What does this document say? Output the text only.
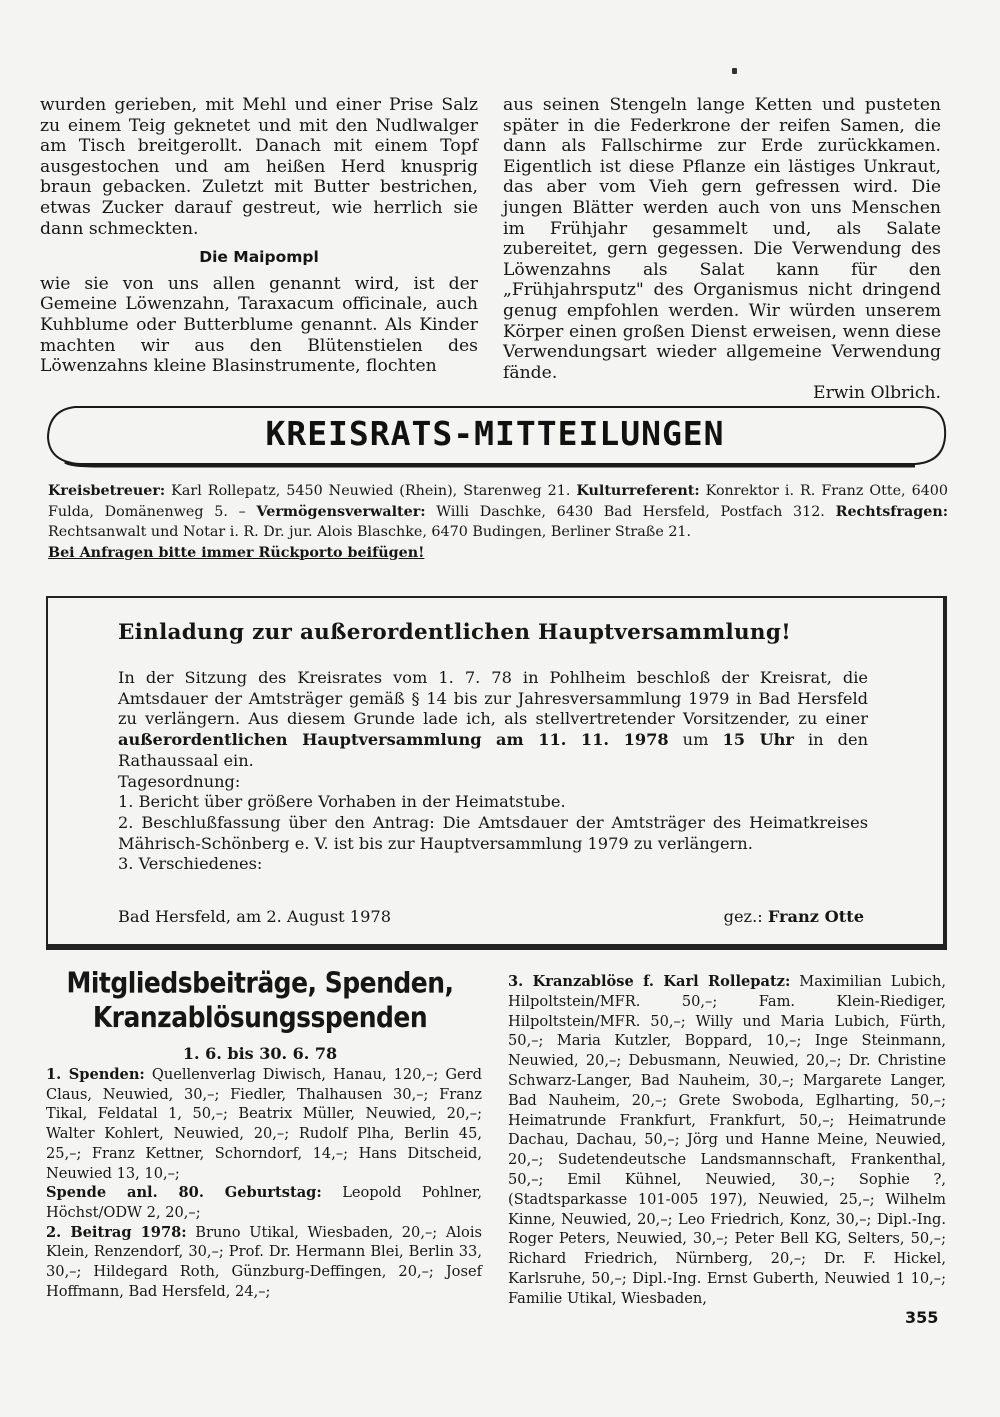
wurden gerieben, mit Mehl und einer Prise Salz zu einem Teig geknetet und mit den Nudlwalger am Tisch breitgerollt. Danach mit einem Topf ausgestochen und am heißen Herd knusprig braun gebacken. Zuletzt mit Butter bestrichen, etwas Zucker darauf gestreut, wie herrlich sie dann schmeckten.

Die Maipompl

wie sie von uns allen genannt wird, ist der Gemeine Löwenzahn, Taraxacum officinale, auch Kuhblume oder Butterblume genannt. Als Kinder machten wir aus den Blütenstielen des Löwenzahns kleine Blasinstrumente, flochten

aus seinen Stengeln lange Ketten und pusteten später in die Federkrone der reifen Samen, die dann als Fallschirme zur Erde zurückkamen. Eigentlich ist diese Pflanze ein lästiges Unkraut, das aber vom Vieh gern gefressen wird. Die jungen Blätter werden auch von uns Menschen im Frühjahr gesammelt und, als Salate zubereitet, gern gegessen. Die Verwendung des Löwenzahns als Salat kann für den „Frühjahrsputz" des Organismus nicht dringend genug empfohlen werden. Wir würden unserem Körper einen großen Dienst erweisen, wenn diese Verwendungsart wieder allgemeine Verwendung fände.

Erwin Olbrich.

KREISRATS-MITTEILUNGEN

Kreisbetreuer: Karl Rollepatz, 5450 Neuwied (Rhein), Starenweg 21. Kulturreferent: Konrektor i. R. Franz Otte, 6400 Fulda, Domänenweg 5. – Vermögensverwalter: Willi Daschke, 6430 Bad Hersfeld, Postfach 312. Rechtsfragen: Rechtsanwalt und Notar i. R. Dr. jur. Alois Blaschke, 6470 Budingen, Berliner Straße 21.

Bei Anfragen bitte immer Rückporto beifügen!

Einladung zur außerordentlichen Hauptversammlung!

In der Sitzung des Kreisrates vom 1. 7. 78 in Pohlheim beschloß der Kreisrat, die Amtsdauer der Amtsträger gemäß § 14 bis zur Jahresversammlung 1979 in Bad Hersfeld zu verlängern. Aus diesem Grunde lade ich, als stellvertretender Vorsitzender, zu einer außerordentlichen Hauptversammlung am 11. 11. 1978 um 15 Uhr in den Rathaussaal ein.

Tagesordnung:

1. Bericht über größere Vorhaben in der Heimatstube.

2. Beschlußfassung über den Antrag: Die Amtsdauer der Amtsträger des Heimatkreises Mährisch-Schönberg e. V. ist bis zur Hauptversammlung 1979 zu verlängern.

3. Verschiedenes:

Bad Hersfeld, am 2. August 1978	gez.: Franz Otte
Mitgliedsbeiträge, Spenden,
Kranzablösungsspenden
1. 6. bis 30. 6. 78

1. Spenden: Quellenverlag Diwisch, Hanau, 120,–; Gerd Claus, Neuwied, 30,–; Fiedler, Thalhausen 30,–; Franz Tikal, Feldatal 1, 50,–; Beatrix Müller, Neuwied, 20,–; Walter Kohlert, Neuwied, 20,–; Rudolf Plha, Berlin 45, 25,–; Franz Kettner, Schorndorf, 14,–; Hans Ditscheid, Neuwied 13, 10,–;

Spende anl. 80. Geburtstag: Leopold Pohlner, Höchst/ODW 2, 20,–;

2. Beitrag 1978: Bruno Utikal, Wiesbaden, 20,–; Alois Klein, Renzendorf, 30,–; Prof. Dr. Hermann Blei, Berlin 33, 30,–; Hildegard Roth, Günzburg-Deffingen, 20,–; Josef Hoffmann, Bad Hersfeld, 24,–;

3. Kranzablöse f. Karl Rollepatz: Maximilian Lubich, Hilpoltstein/MFR. 50,–; Fam. Klein-Riediger, Hilpoltstein/MFR. 50,–; Willy und Maria Lubich, Fürth, 50,–; Maria Kutzler, Boppard, 10,–; Inge Steinmann, Neuwied, 20,–; Debusmann, Neuwied, 20,–; Dr. Christine Schwarz-Langer, Bad Nauheim, 30,–; Margarete Langer, Bad Nauheim, 20,–; Grete Swoboda, Eglharting, 50,–; Heimatrunde Frankfurt, Frankfurt, 50,–; Heimatrunde Dachau, Dachau, 50,–; Jörg und Hanne Meine, Neuwied, 20,–; Sudetendeutsche Landsmannschaft, Frankenthal, 50,–; Emil Kühnel, Neuwied, 30,–; Sophie ?, (Stadtsparkasse 101-005 197), Neuwied, 25,–; Wilhelm Kinne, Neuwied, 20,–; Leo Friedrich, Konz, 30,–; Dipl.-Ing. Roger Peters, Neuwied, 30,–; Peter Bell KG, Selters, 50,–; Richard Friedrich, Nürnberg, 20,–; Dr. F. Hickel, Karlsruhe, 50,–; Dipl.-Ing. Ernst Guberth, Neuwied 1 10,–; Familie Utikal, Wiesbaden,

355
